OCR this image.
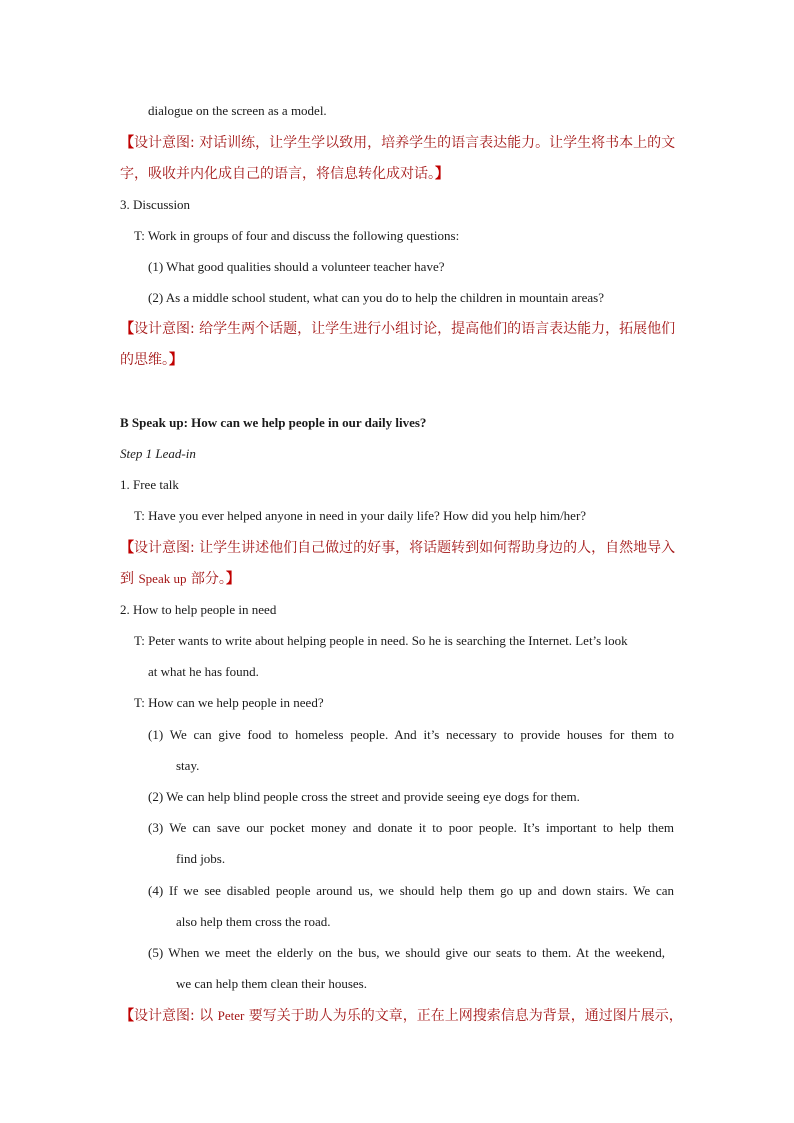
dialogue on the screen as a model.
【设计意图: 对话训练，让学生学以致用，培养学生的语言表达能力。让学生将书本上的文
字，吸收并内化成自己的语言，将信息转化成对话。】
3. Discussion
T: Work in groups of four and discuss the following questions:
(1) What good qualities should a volunteer teacher have?
(2) As a middle school student, what can you do to help the children in mountain areas?
【设计意图: 给学生两个话题，让学生进行小组讨论，提高他们的语言表达能力，拓展他们
的思维。】
B Speak up: How can we help people in our daily lives?
Step 1 Lead-in
1. Free talk
T: Have you ever helped anyone in need in your daily life? How did you help him/her?
【设计意图: 让学生讲述他们自己做过的好事，将话题转到如何帮助身边的人，自然地导入
到 Speak up 部分。】
2. How to help people in need
T: Peter wants to write about helping people in need. So he is searching the Internet. Let’s look
at what he has found.
T: How can we help people in need?
(1) We can give food to homeless people. And it’s necessary to provide houses for them to
stay.
(2) We can help blind people cross the street and provide seeing eye dogs for them.
(3) We can save our pocket money and donate it to poor people. It’s important to help them
find jobs.
(4) If we see disabled people around us, we should help them go up and down stairs. We can
also help them cross the road.
(5) When we meet the elderly on the bus, we should give our seats to them. At the weekend,
we can help them clean their houses.
【设计意图: 以 Peter 要写关于助人为乐的文章，正在上网搜索信息为背景，通过图片展示，
